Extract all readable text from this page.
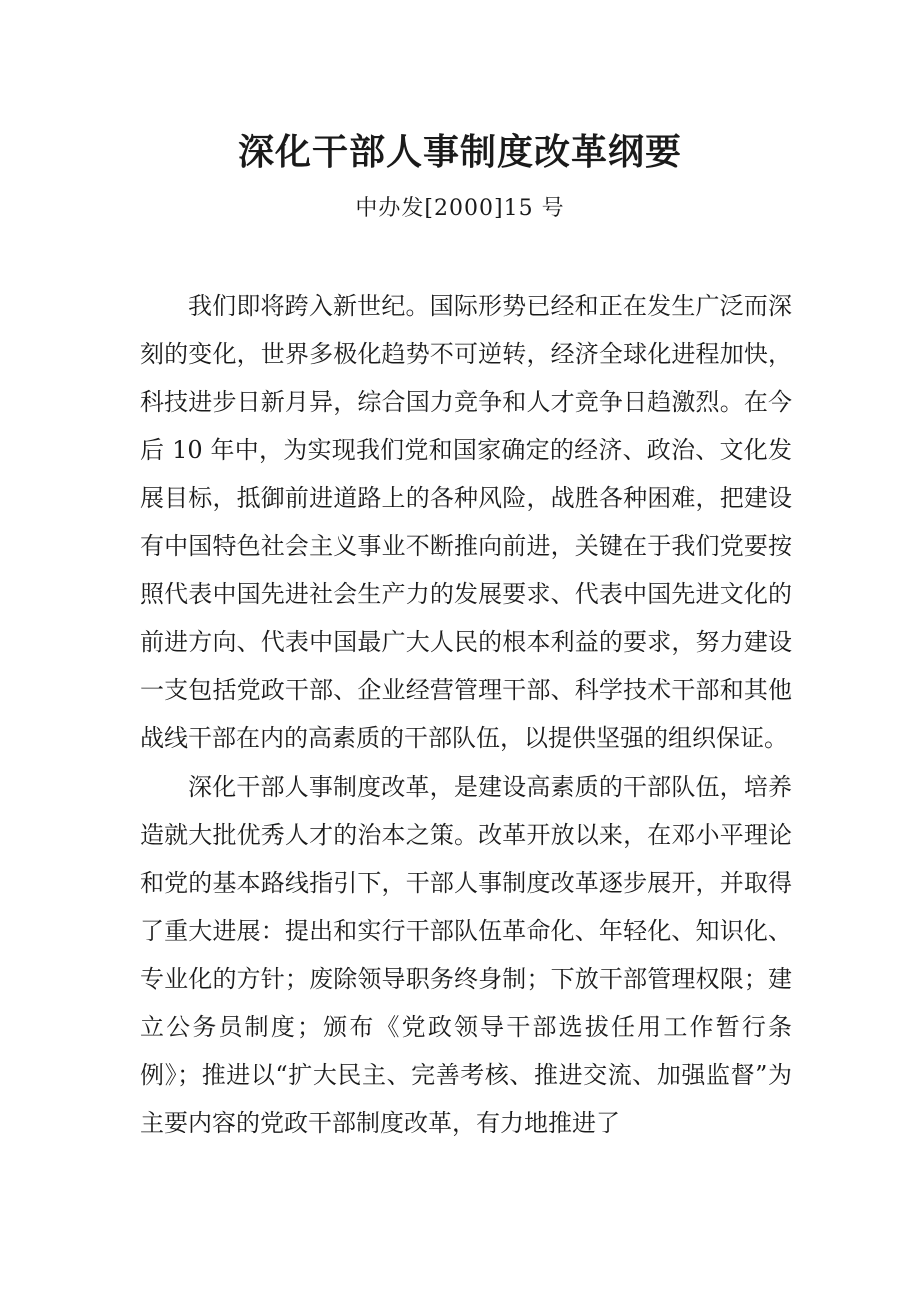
深化干部人事制度改革纲要
中办发[2000]15 号

我们即将跨入新世纪。国际形势已经和正在发生广泛而深刻的变化，世界多极化趋势不可逆转，经济全球化进程加快，科技进步日新月异，综合国力竞争和人才竞争日趋激烈。在今后 10 年中，为实现我们党和国家确定的经济、政治、文化发展目标，抵御前进道路上的各种风险，战胜各种困难，把建设有中国特色社会主义事业不断推向前进，关键在于我们党要按照代表中国先进社会生产力的发展要求、代表中国先进文化的前进方向、代表中国最广大人民的根本利益的要求，努力建设一支包括党政干部、企业经营管理干部、科学技术干部和其他战线干部在内的高素质的干部队伍，以提供坚强的组织保证。

深化干部人事制度改革，是建设高素质的干部队伍，培养造就大批优秀人才的治本之策。改革开放以来，在邓小平理论和党的基本路线指引下，干部人事制度改革逐步展开，并取得了重大进展：提出和实行干部队伍革命化、年轻化、知识化、专业化的方针；废除领导职务终身制；下放干部管理权限；建立公务员制度；颁布《党政领导干部选拔任用工作暂行条例》；推进以“扩大民主、完善考核、推进交流、加强监督”为主要内容的党政干部制度改革，有力地推进了
